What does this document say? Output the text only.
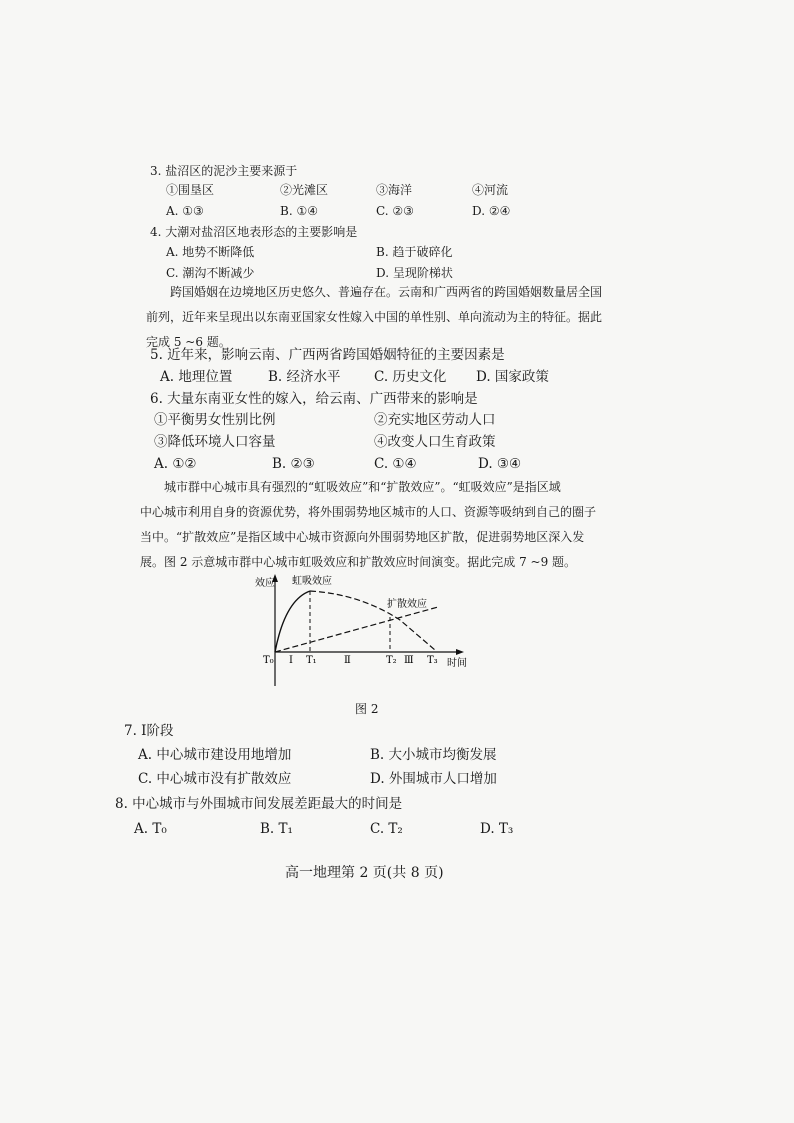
3. 盐沼区的泥沙主要来源于
①围垦区	②光滩区	③海洋	④河流
A. ①③	B. ①④	C. ②③	D. ②④
4. 大潮对盐沼区地表形态的主要影响是
A. 地势不断降低	B. 趋于破碎化
C. 潮沟不断减少	D. 呈现阶梯状
跨国婚姻在边境地区历史悠久、普遍存在。云南和广西两省的跨国婚姻数量居全国
前列，近年来呈现出以东南亚国家女性嫁入中国的单性别、单向流动为主的特征。据此
完成 5 ~6 题。
5. 近年来，影响云南、广西两省跨国婚姻特征的主要因素是
A. 地理位置	B. 经济水平 C. 历史文化 D. 国家政策
6. 大量东南亚女性的嫁入，给云南、广西带来的影响是
①平衡男女性别比例	②充实地区劳动人口
③降低环境人口容量	④改变人口生育政策
A. ①②	B. ②③	C. ①④	D. ③④
城市群中心城市具有强烈的“虹吸效应”和“扩散效应”。“虹吸效应”是指区域
中心城市利用自身的资源优势，将外围弱势地区城市的人口、资源等吸纳到自己的圈子
当中。“扩散效应”是指区域中心城市资源向外围弱势地区扩散，促进弱势地区深入发
展。图 2 示意城市群中心城市虹吸效应和扩散效应时间演变。据此完成 7 ~9 题。
效应
时间
虹吸效应
扩散效应
T₀	T₁	T₂	T₃
Ⅰ	Ⅱ	Ⅲ
图 2
7. Ⅰ阶段
A. 中心城市建设用地增加	B. 大小城市均衡发展
C. 中心城市没有扩散效应	D. 外围城市人口增加
8. 中心城市与外围城市间发展差距最大的时间是
A. T₀	B. T₁	C. T₂	D. T₃
高一地理第 2 页(共 8 页)
